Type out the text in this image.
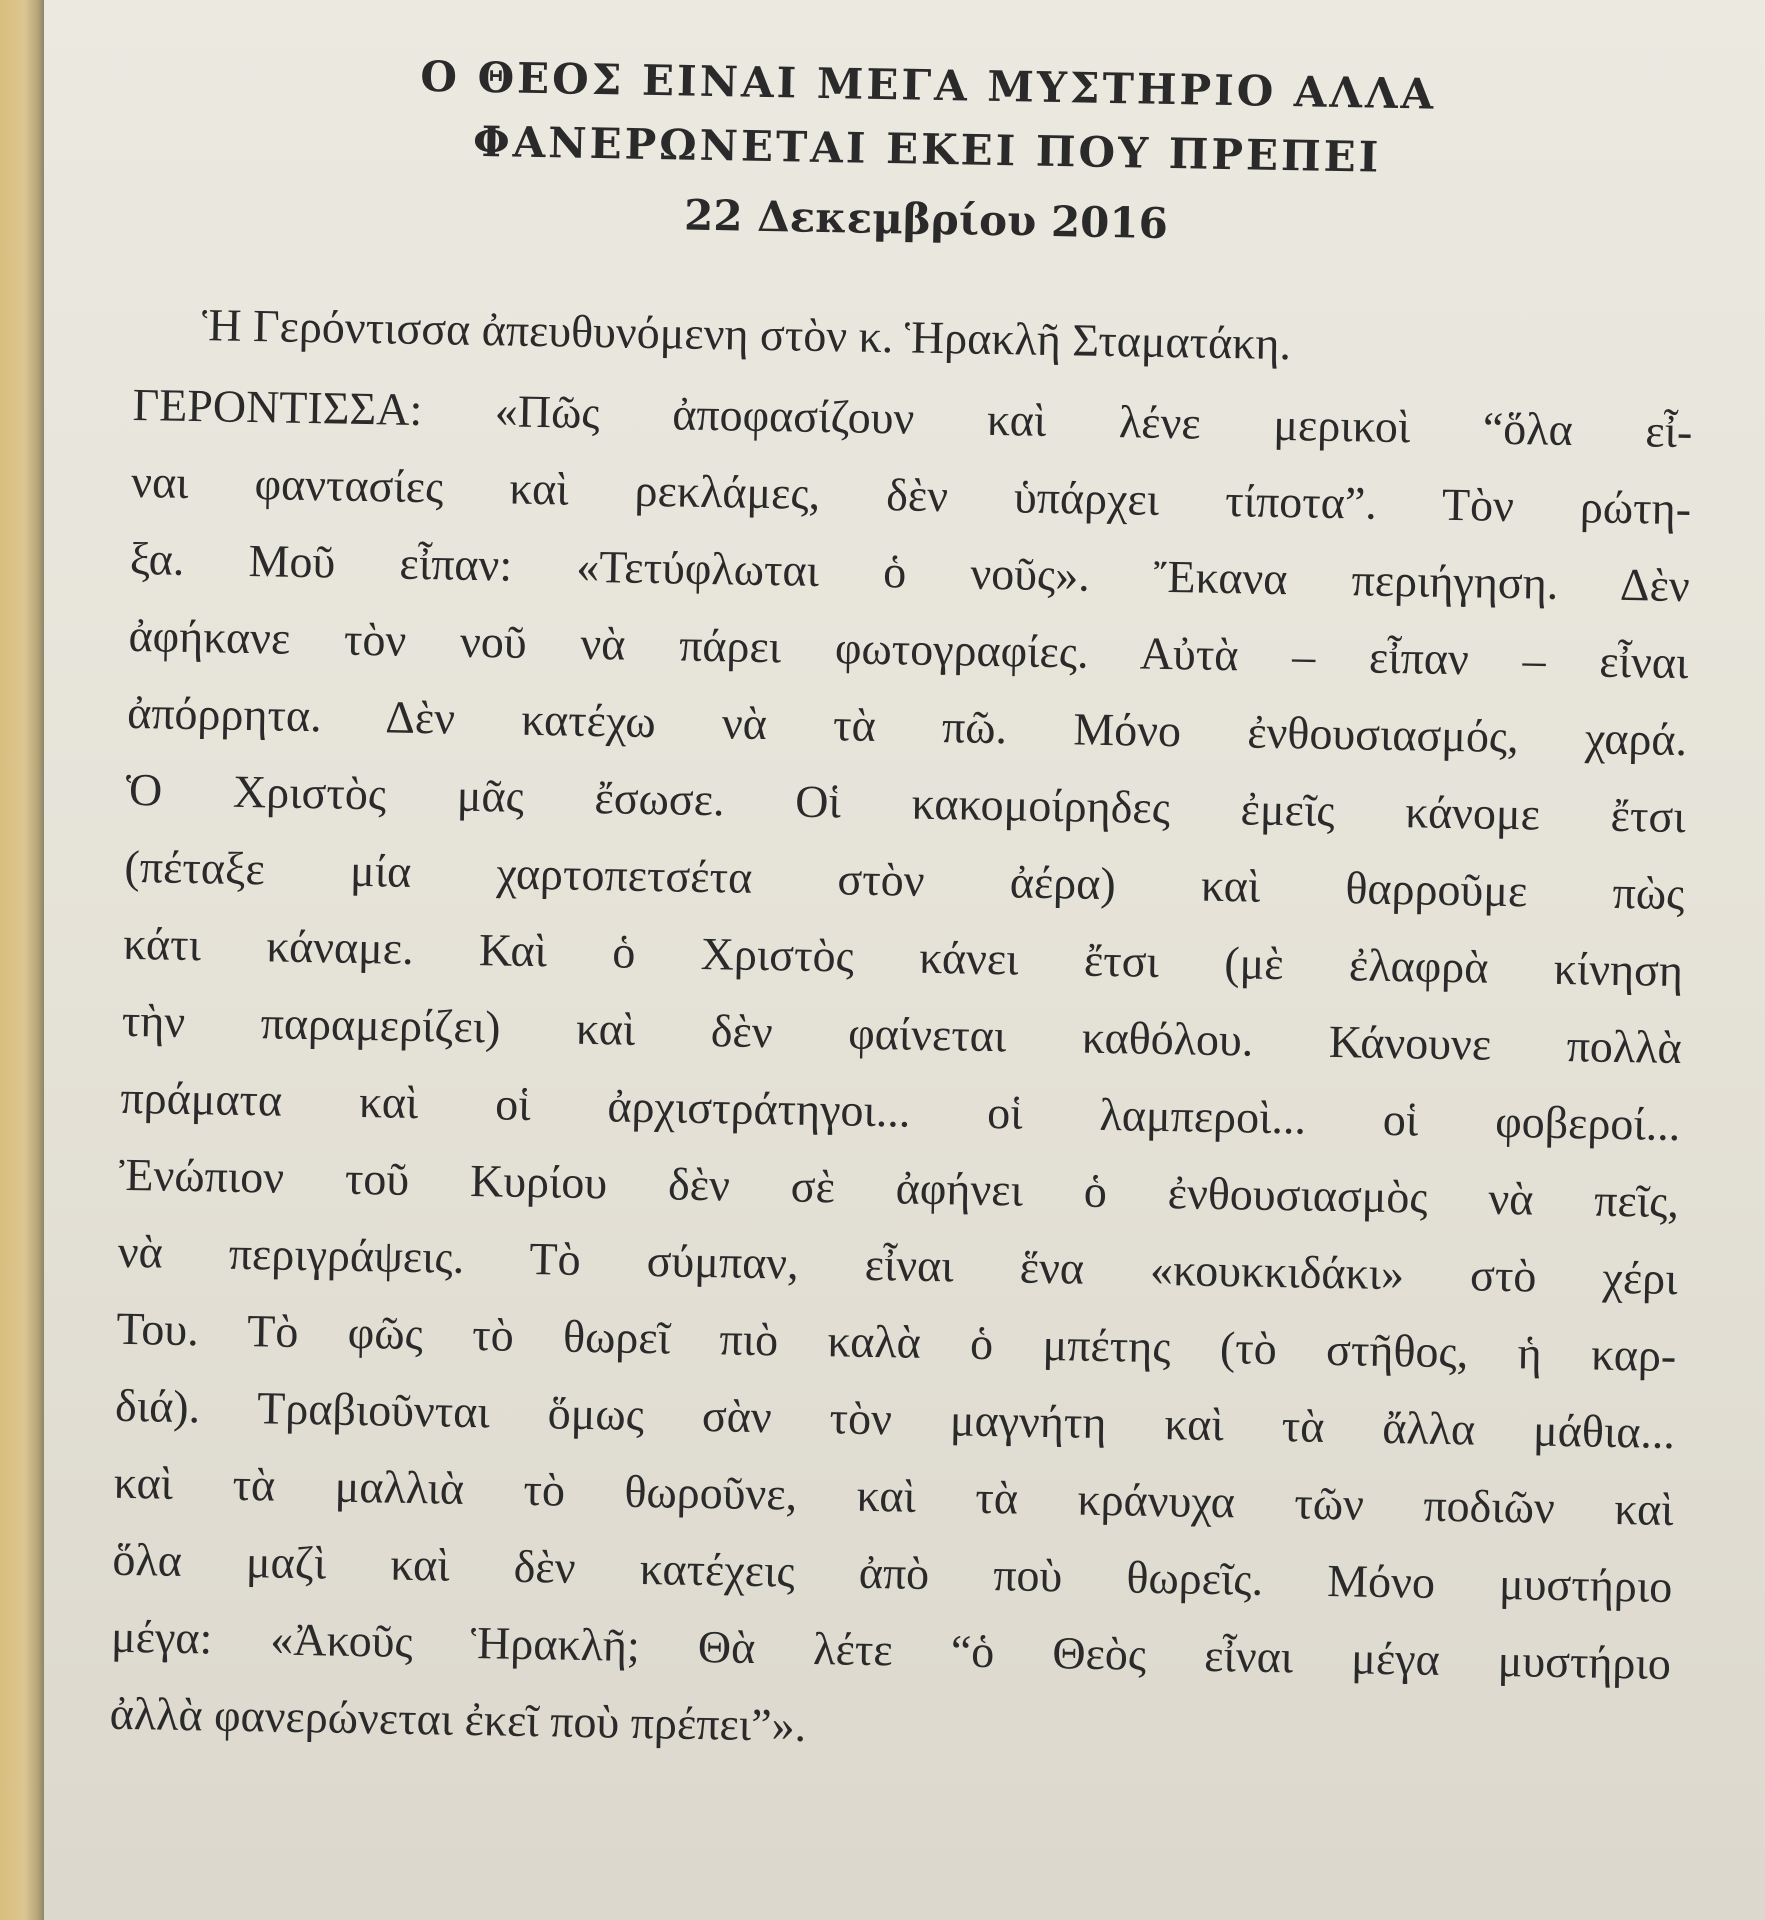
Ο ΘΕΟΣ ΕΙΝΑΙ ΜΕΓΑ ΜΥΣΤΗΡΙΟ ΑΛΛΑ
ΦΑΝΕΡΩΝΕΤΑΙ ΕΚΕΙ ΠΟΥ ΠΡΕΠΕΙ
22 Δεκεμβρίου 2016

Ἡ Γερόντισσα ἀπευθυνόμενη στὸν κ. Ἡρακλῆ Σταματάκη.

ΓΕΡΟΝΤΙΣΣΑ: «Πῶς ἀποφασίζουν καὶ λένε μερικοὶ “ὅλα εἶ-
ναι φαντασίες καὶ ρεκλάμες, δὲν ὑπάρχει τίποτα”. Τὸν ρώτη-
ξα. Μοῦ εἶπαν: «Τετύφλωται ὁ νοῦς». Ἔκανα περιήγηση. Δὲν
ἀφήκανε τὸν νοῦ νὰ πάρει φωτογραφίες. Αὐτὰ – εἶπαν – εἶναι
ἀπόρρητα. Δὲν κατέχω νὰ τὰ πῶ. Μόνο ἐνθουσιασμός, χαρά.
Ὁ Χριστὸς μᾶς ἔσωσε. Οἱ κακομοίρηδες ἐμεῖς κάνομε ἔτσι
(πέταξε μία χαρτοπετσέτα στὸν ἀέρα) καὶ θαρροῦμε πὼς
κάτι κάναμε. Καὶ ὁ Χριστὸς κάνει ἔτσι (μὲ ἐλαφρὰ κίνηση
τὴν παραμερίζει) καὶ δὲν φαίνεται καθόλου. Κάνουνε πολλὰ
πράματα καὶ οἱ ἀρχιστράτηγοι... οἱ λαμπεροὶ... οἱ φοβεροί...
Ἐνώπιον τοῦ Κυρίου δὲν σὲ ἀφήνει ὁ ἐνθουσιασμὸς νὰ πεῖς,
νὰ περιγράψεις. Τὸ σύμπαν, εἶναι ἕνα «κουκκιδάκι» στὸ χέρι
Του. Τὸ φῶς τὸ θωρεῖ πιὸ καλὰ ὁ μπέτης (τὸ στῆθος, ἡ καρ-
διά). Τραβιοῦνται ὅμως σὰν τὸν μαγνήτη καὶ τὰ ἄλλα μάθια...
καὶ τὰ μαλλιὰ τὸ θωροῦνε, καὶ τὰ κράνυχα τῶν ποδιῶν καὶ
ὅλα μαζὶ καὶ δὲν κατέχεις ἀπὸ ποὺ θωρεῖς. Μόνο μυστήριο
μέγα: «Ἀκοῦς Ἡρακλῆ; Θὰ λέτε “ὁ Θεὸς εἶναι μέγα μυστήριο
ἀλλὰ φανερώνεται ἐκεῖ ποὺ πρέπει”».
